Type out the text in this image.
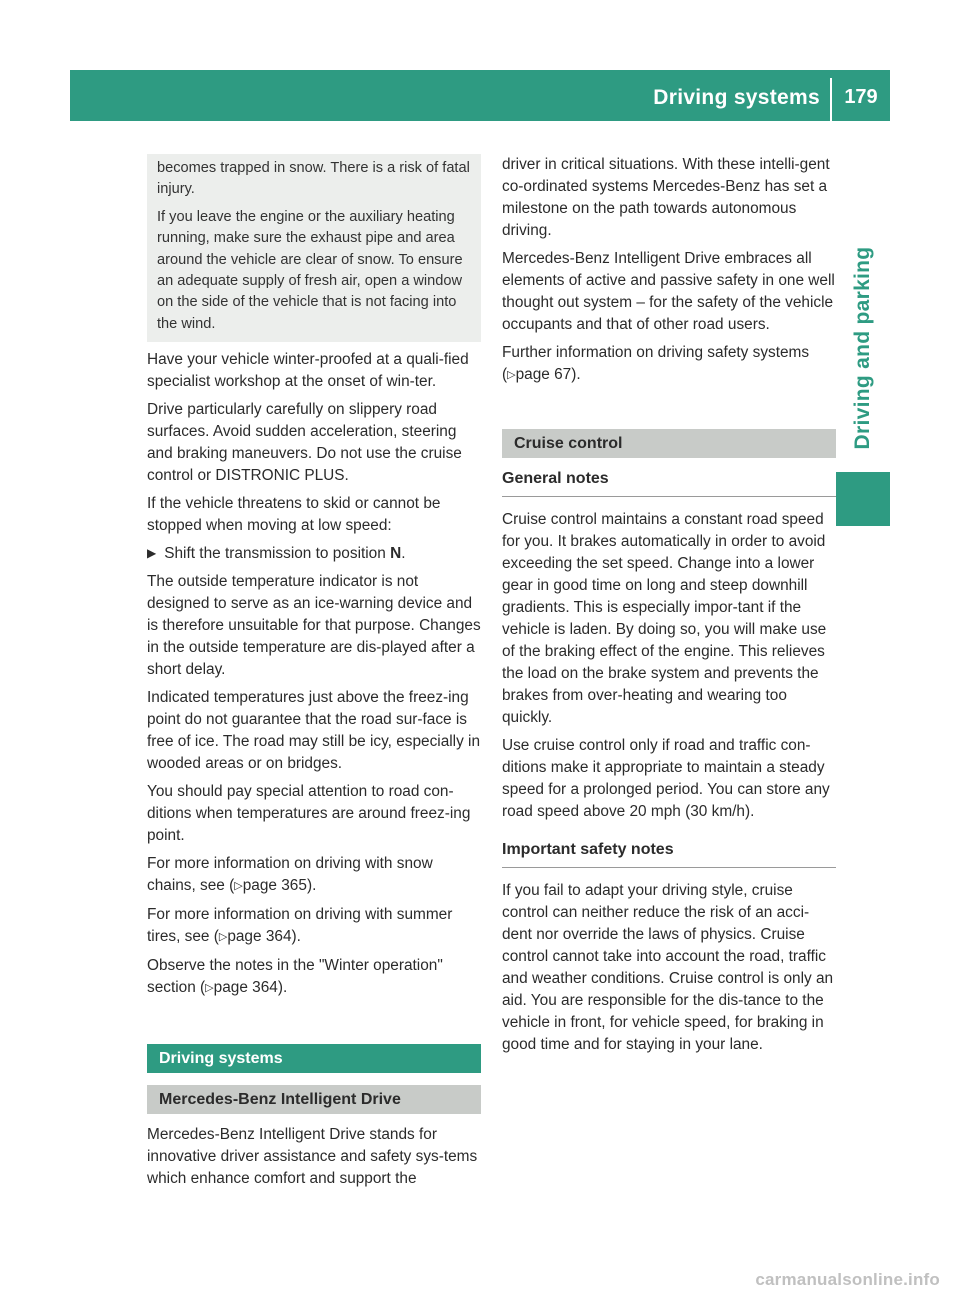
Driving systems	179
Driving and parking

becomes trapped in snow. There is a risk of fatal injury.

If you leave the engine or the auxiliary heating running, make sure the exhaust pipe and area around the vehicle are clear of snow. To ensure an adequate supply of fresh air, open a window on the side of the vehicle that is not facing into the wind.

Have your vehicle winter-proofed at a quali-fied specialist workshop at the onset of win-ter.

Drive particularly carefully on slippery road surfaces. Avoid sudden acceleration, steering and braking maneuvers. Do not use the cruise control or DISTRONIC PLUS.

If the vehicle threatens to skid or cannot be stopped when moving at low speed:

▶ Shift the transmission to position N.

The outside temperature indicator is not designed to serve as an ice-warning device and is therefore unsuitable for that purpose. Changes in the outside temperature are dis-played after a short delay.

Indicated temperatures just above the freez-ing point do not guarantee that the road sur-face is free of ice. The road may still be icy, especially in wooded areas or on bridges.

You should pay special attention to road con-ditions when temperatures are around freez-ing point.

For more information on driving with snow chains, see (▷page 365).

For more information on driving with summer tires, see (▷page 364).

Observe the notes in the "Winter operation" section (▷page 364).

Driving systems
Mercedes-Benz Intelligent Drive

Mercedes-Benz Intelligent Drive stands for innovative driver assistance and safety sys-tems which enhance comfort and support the

driver in critical situations. With these intelli-gent co-ordinated systems Mercedes-Benz has set a milestone on the path towards autonomous driving.

Mercedes-Benz Intelligent Drive embraces all elements of active and passive safety in one well thought out system – for the safety of the vehicle occupants and that of other road users.

Further information on driving safety systems (▷page 67).

Cruise control
General notes

Cruise control maintains a constant road speed for you. It brakes automatically in order to avoid exceeding the set speed. Change into a lower gear in good time on long and steep downhill gradients. This is especially impor-tant if the vehicle is laden. By doing so, you will make use of the braking effect of the engine. This relieves the load on the brake system and prevents the brakes from over-heating and wearing too quickly.

Use cruise control only if road and traffic con-ditions make it appropriate to maintain a steady speed for a prolonged period. You can store any road speed above 20 mph (30 km/h).

Important safety notes

If you fail to adapt your driving style, cruise control can neither reduce the risk of an acci-dent nor override the laws of physics. Cruise control cannot take into account the road, traffic and weather conditions. Cruise control is only an aid. You are responsible for the dis-tance to the vehicle in front, for vehicle speed, for braking in good time and for staying in your lane.

carmanualsonline.info
